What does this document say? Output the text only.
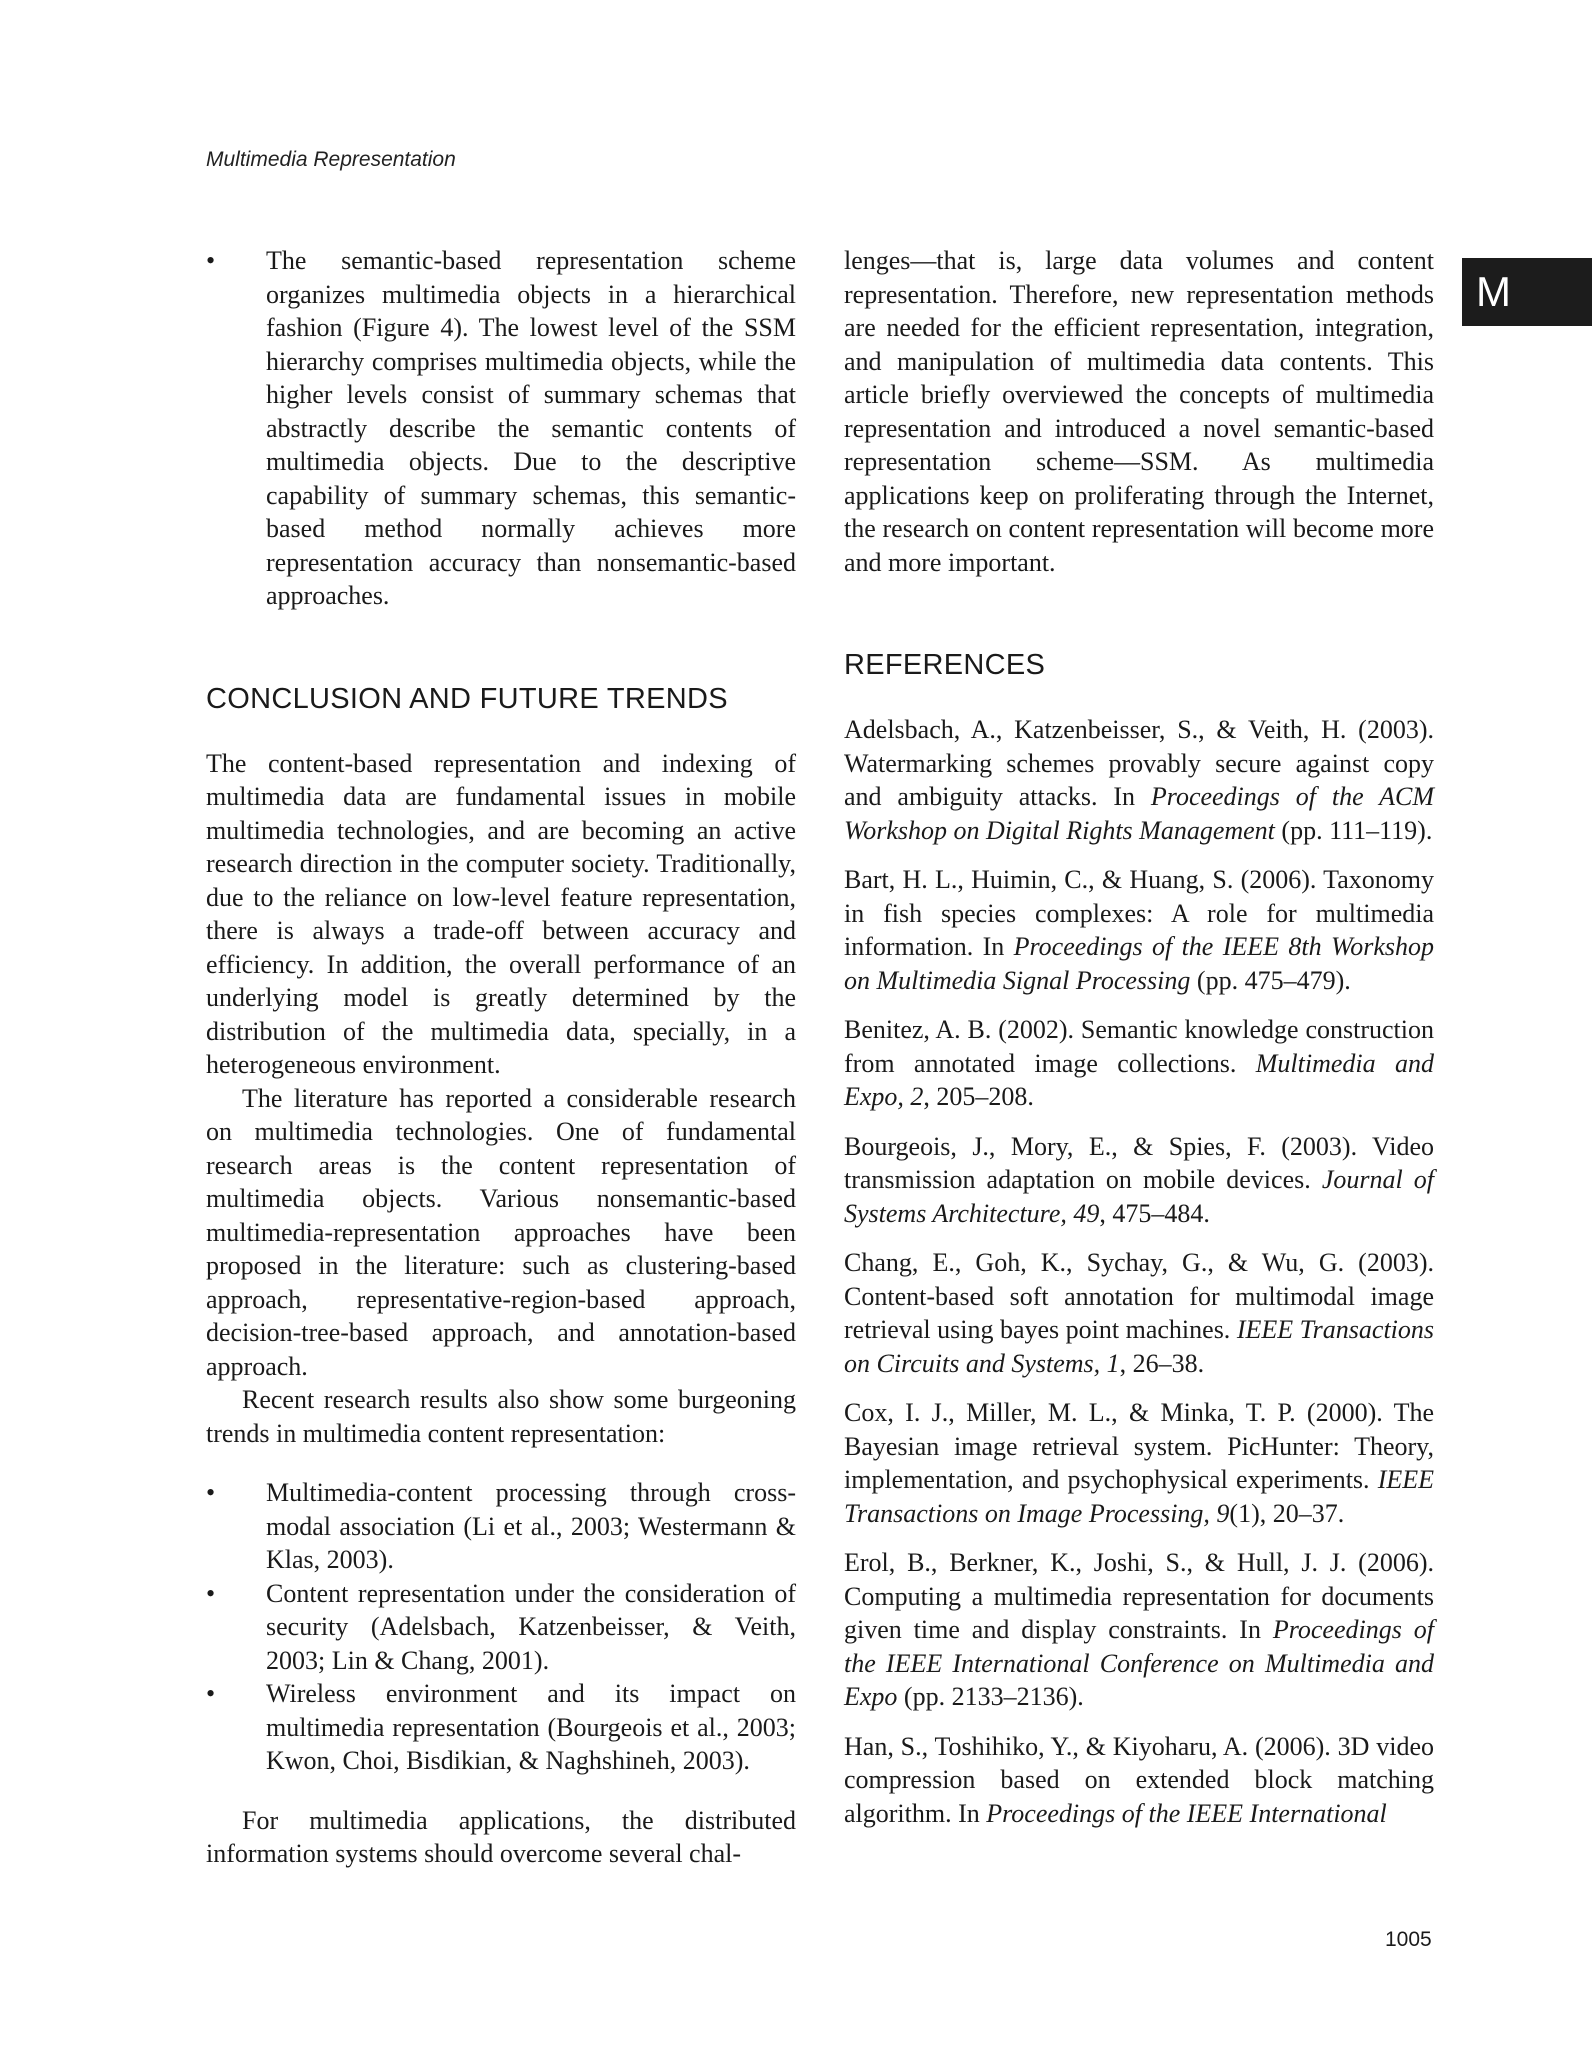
Multimedia Representation
M
• The semantic-based representation scheme organizes multimedia objects in a hierarchical fashion (Figure 4). The lowest level of the SSM hierarchy comprises multimedia objects, while the higher levels consist of summary schemas that abstractly describe the semantic contents of multimedia objects. Due to the descriptive capability of summary schemas, this semantic-based method normally achieves more representation accuracy than nonsemantic-based approaches.
CONCLUSION AND FUTURE TRENDS

The content-based representation and indexing of multimedia data are fundamental issues in mobile multimedia technologies, and are becoming an active research direction in the computer society. Traditionally, due to the reliance on low-level feature representation, there is always a trade-off between accuracy and efficiency. In addition, the overall performance of an underlying model is greatly determined by the distribution of the multimedia data, specially, in a heterogeneous environment.

The literature has reported a considerable research on multimedia technologies. One of fundamental research areas is the content representation of multimedia objects. Various nonsemantic-based multimedia-representation approaches have been proposed in the literature: such as clustering-based approach, representative-region-based approach, decision-tree-based approach, and annotation-based approach.

Recent research results also show some burgeoning trends in multimedia content representation:

• Multimedia-content processing through cross-modal association (Li et al., 2003; Westermann & Klas, 2003).
• Content representation under the consideration of security (Adelsbach, Katzenbeisser, & Veith, 2003; Lin & Chang, 2001).
• Wireless environment and its impact on multimedia representation (Bourgeois et al., 2003; Kwon, Choi, Bisdikian, & Naghshineh, 2003).

For multimedia applications, the distributed information systems should overcome several chal-

lenges—that is, large data volumes and content representation. Therefore, new representation methods are needed for the efficient representation, integration, and manipulation of multimedia data contents. This article briefly overviewed the concepts of multimedia representation and introduced a novel semantic-based representation scheme—SSM. As multimedia applications keep on proliferating through the Internet, the research on content representation will become more and more important.

REFERENCES

Adelsbach, A., Katzenbeisser, S., & Veith, H. (2003). Watermarking schemes provably secure against copy and ambiguity attacks. In Proceedings of the ACM Workshop on Digital Rights Management (pp. 111–119).

Bart, H. L., Huimin, C., & Huang, S. (2006). Taxonomy in fish species complexes: A role for multimedia information. In Proceedings of the IEEE 8th Workshop on Multimedia Signal Processing (pp. 475–479).

Benitez, A. B. (2002). Semantic knowledge construction from annotated image collections. Multimedia and Expo, 2, 205–208.

Bourgeois, J., Mory, E., & Spies, F. (2003). Video transmission adaptation on mobile devices. Journal of Systems Architecture, 49, 475–484.

Chang, E., Goh, K., Sychay, G., & Wu, G. (2003). Content-based soft annotation for multimodal image retrieval using bayes point machines. IEEE Transactions on Circuits and Systems, 1, 26–38.

Cox, I. J., Miller, M. L., & Minka, T. P. (2000). The Bayesian image retrieval system. PicHunter: Theory, implementation, and psychophysical experiments. IEEE Transactions on Image Processing, 9(1), 20–37.

Erol, B., Berkner, K., Joshi, S., & Hull, J. J. (2006). Computing a multimedia representation for documents given time and display constraints. In Proceedings of the IEEE International Conference on Multimedia and Expo (pp. 2133–2136).

Han, S., Toshihiko, Y., & Kiyoharu, A. (2006). 3D video compression based on extended block matching algorithm. In Proceedings of the IEEE International

1005
